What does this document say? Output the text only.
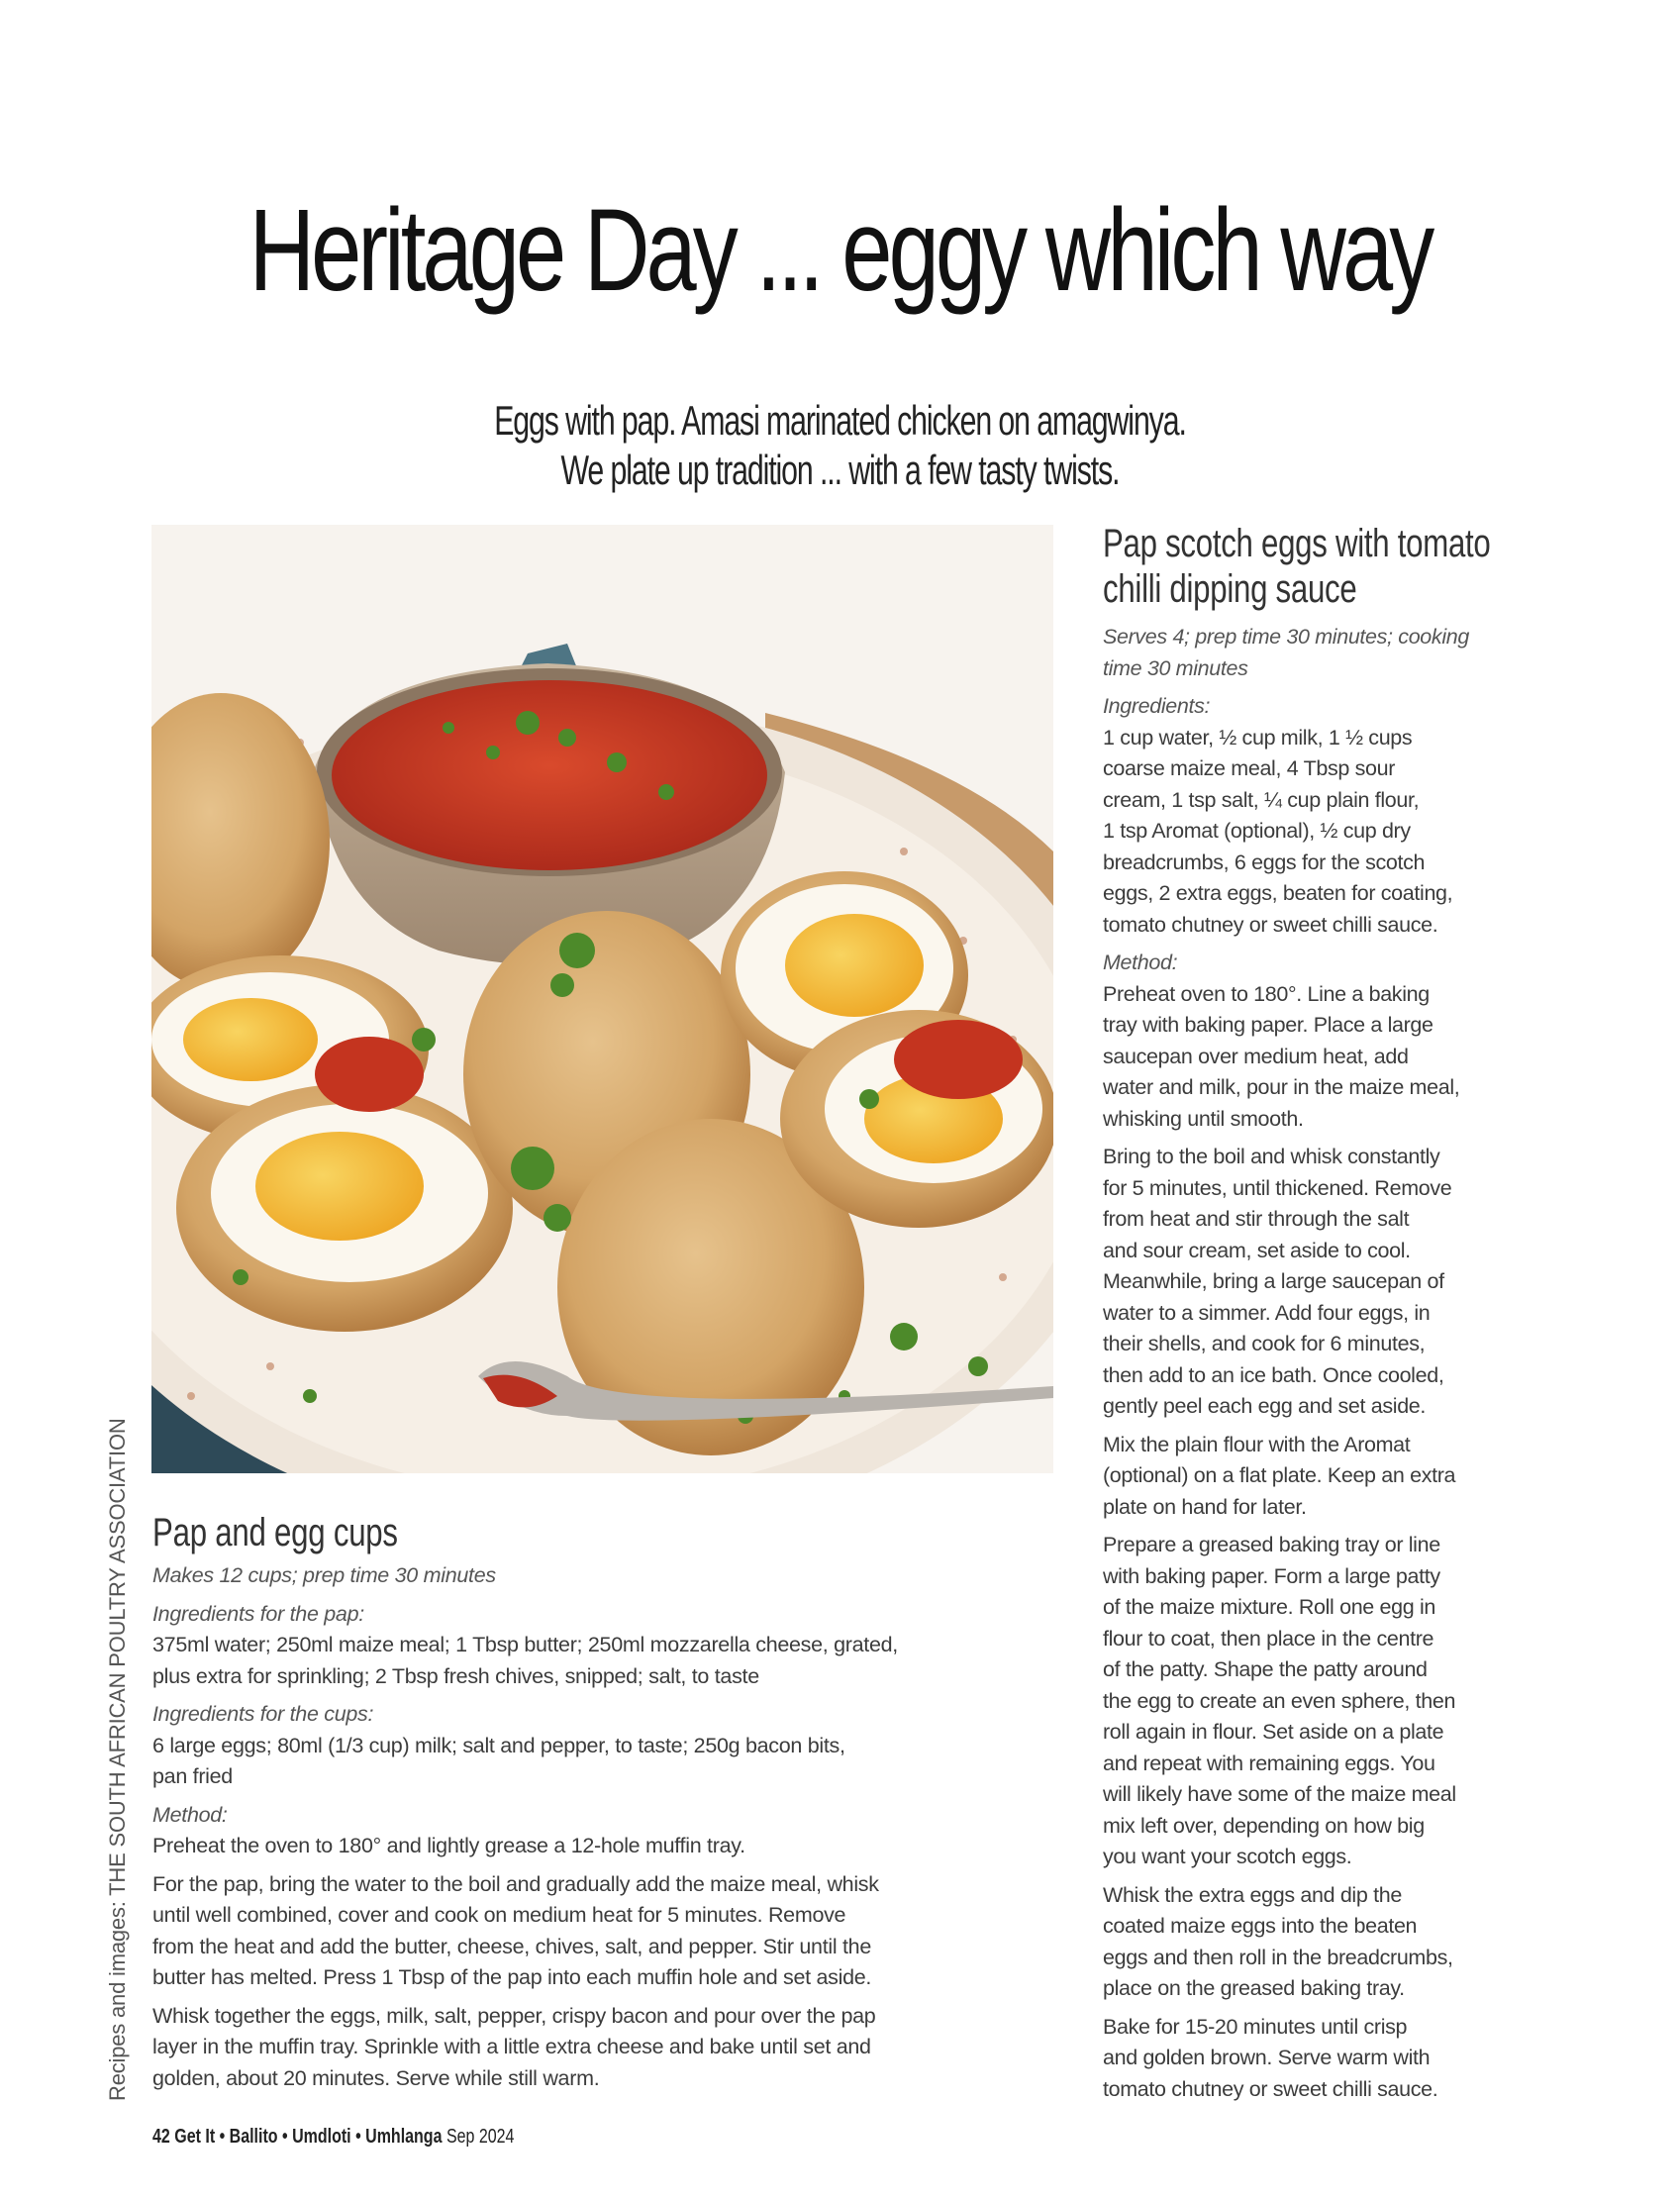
Heritage Day ... eggy which way
Eggs with pap. Amasi marinated chicken on amagwinya.
We plate up tradition ... with a few tasty twists.
Recipes and images: THE SOUTH AFRICAN POULTRY ASSOCIATION Pap and egg cups

Makes 12 cups; prep time 30 minutes

Ingredients for the pap:

375ml water; 250ml maize meal; 1 Tbsp butter; 250ml mozzarella cheese, grated,

plus extra for sprinkling; 2 Tbsp fresh chives, snipped; salt, to taste

Ingredients for the cups:

6 large eggs; 80ml (1/3 cup) milk; salt and pepper, to taste; 250g bacon bits,

pan fried

Method:

Preheat the oven to 180° and lightly grease a 12-hole muffin tray.

For the pap, bring the water to the boil and gradually add the maize meal, whisk

until well combined, cover and cook on medium heat for 5 minutes. Remove

from the heat and add the butter, cheese, chives, salt, and pepper. Stir until the

butter has melted. Press 1 Tbsp of the pap into each muffin hole and set aside.

Whisk together the eggs, milk, salt, pepper, crispy bacon and pour over the pap

layer in the muffin tray. Sprinkle with a little extra cheese and bake until set and

golden, about 20 minutes. Serve while still warm.

Pap scotch eggs with tomato
chilli dipping sauce

Serves 4; prep time 30 minutes; cooking

time 30 minutes

Ingredients:

1 cup water, ½ cup milk, 1 ½ cups

coarse maize meal, 4 Tbsp sour

cream, 1 tsp salt, ¼ cup plain flour,

1 tsp Aromat (optional), ½ cup dry

breadcrumbs, 6 eggs for the scotch

eggs, 2 extra eggs, beaten for coating,

tomato chutney or sweet chilli sauce.

Method:

Preheat oven to 180°. Line a baking

tray with baking paper. Place a large

saucepan over medium heat, add

water and milk, pour in the maize meal,

whisking until smooth.

Bring to the boil and whisk constantly

for 5 minutes, until thickened. Remove

from heat and stir through the salt

and sour cream, set aside to cool.

Meanwhile, bring a large saucepan of

water to a simmer. Add four eggs, in

their shells, and cook for 6 minutes,

then add to an ice bath. Once cooled,

gently peel each egg and set aside.

Mix the plain flour with the Aromat

(optional) on a flat plate. Keep an extra

plate on hand for later.

Prepare a greased baking tray or line

with baking paper. Form a large patty

of the maize mixture. Roll one egg in

flour to coat, then place in the centre

of the patty. Shape the patty around

the egg to create an even sphere, then

roll again in flour. Set aside on a plate

and repeat with remaining eggs. You

will likely have some of the maize meal

mix left over, depending on how big

you want your scotch eggs.

Whisk the extra eggs and dip the

coated maize eggs into the beaten

eggs and then roll in the breadcrumbs,

place on the greased baking tray.

Bake for 15-20 minutes until crisp

and golden brown. Serve warm with

tomato chutney or sweet chilli sauce.

42 Get It • Ballito • Umdloti • Umhlanga Sep 2024
